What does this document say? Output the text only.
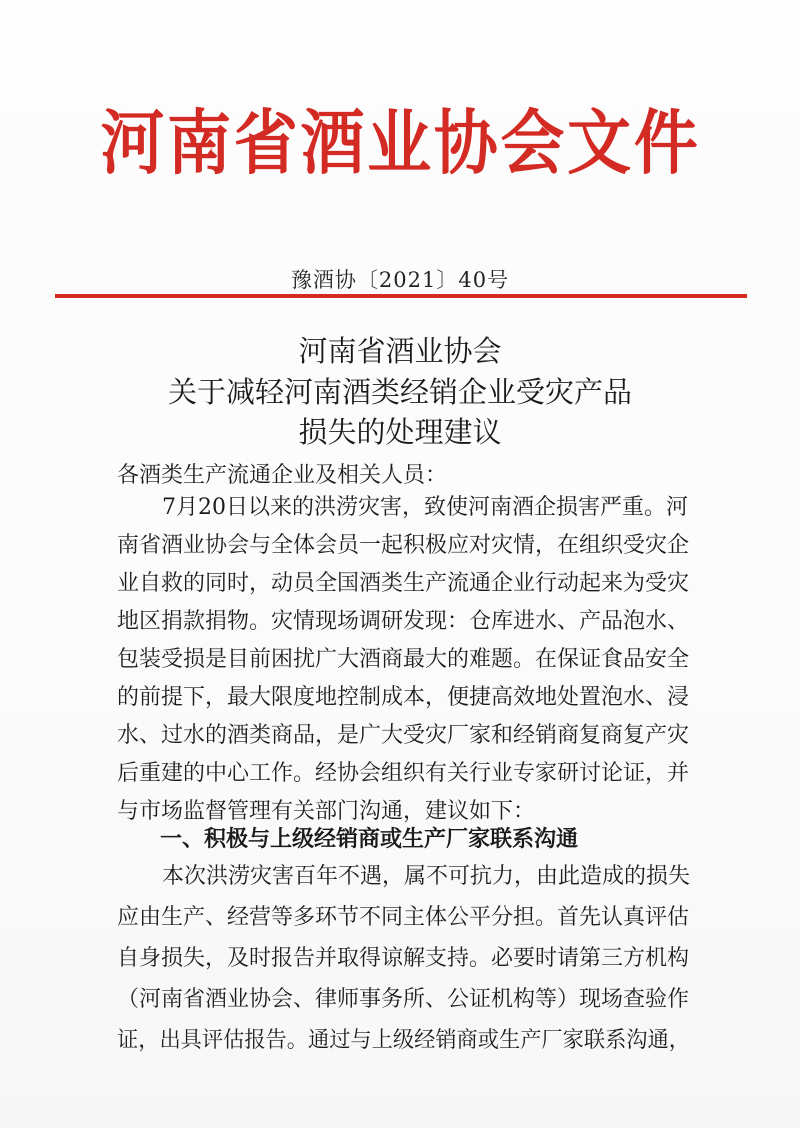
河南省酒业协会文件
豫酒协〔2021〕40号
河南省酒业协会
关于减轻河南酒类经销企业受灾产品
损失的处理建议
各酒类生产流通企业及相关人员：
7月20日以来的洪涝灾害，致使河南酒企损害严重。河
南省酒业协会与全体会员一起积极应对灾情，在组织受灾企
业自救的同时，动员全国酒类生产流通企业行动起来为受灾
地区捐款捐物。灾情现场调研发现：仓库进水、产品泡水、
包装受损是目前困扰广大酒商最大的难题。在保证食品安全
的前提下，最大限度地控制成本，便捷高效地处置泡水、浸
水、过水的酒类商品，是广大受灾厂家和经销商复商复产灾
后重建的中心工作。经协会组织有关行业专家研讨论证，并
一、积极与上级经销商或生产厂家联系沟通
本次洪涝灾害百年不遇，属不可抗力，由此造成的损失
应由生产、经营等多环节不同主体公平分担。首先认真评估
自身损失，及时报告并取得谅解支持。必要时请第三方机构
（河南省酒业协会、律师事务所、公证机构等）现场查验作
证，出具评估报告。通过与上级经销商或生产厂家联系沟通，
与市场监督管理有关部门沟通，建议如下：
